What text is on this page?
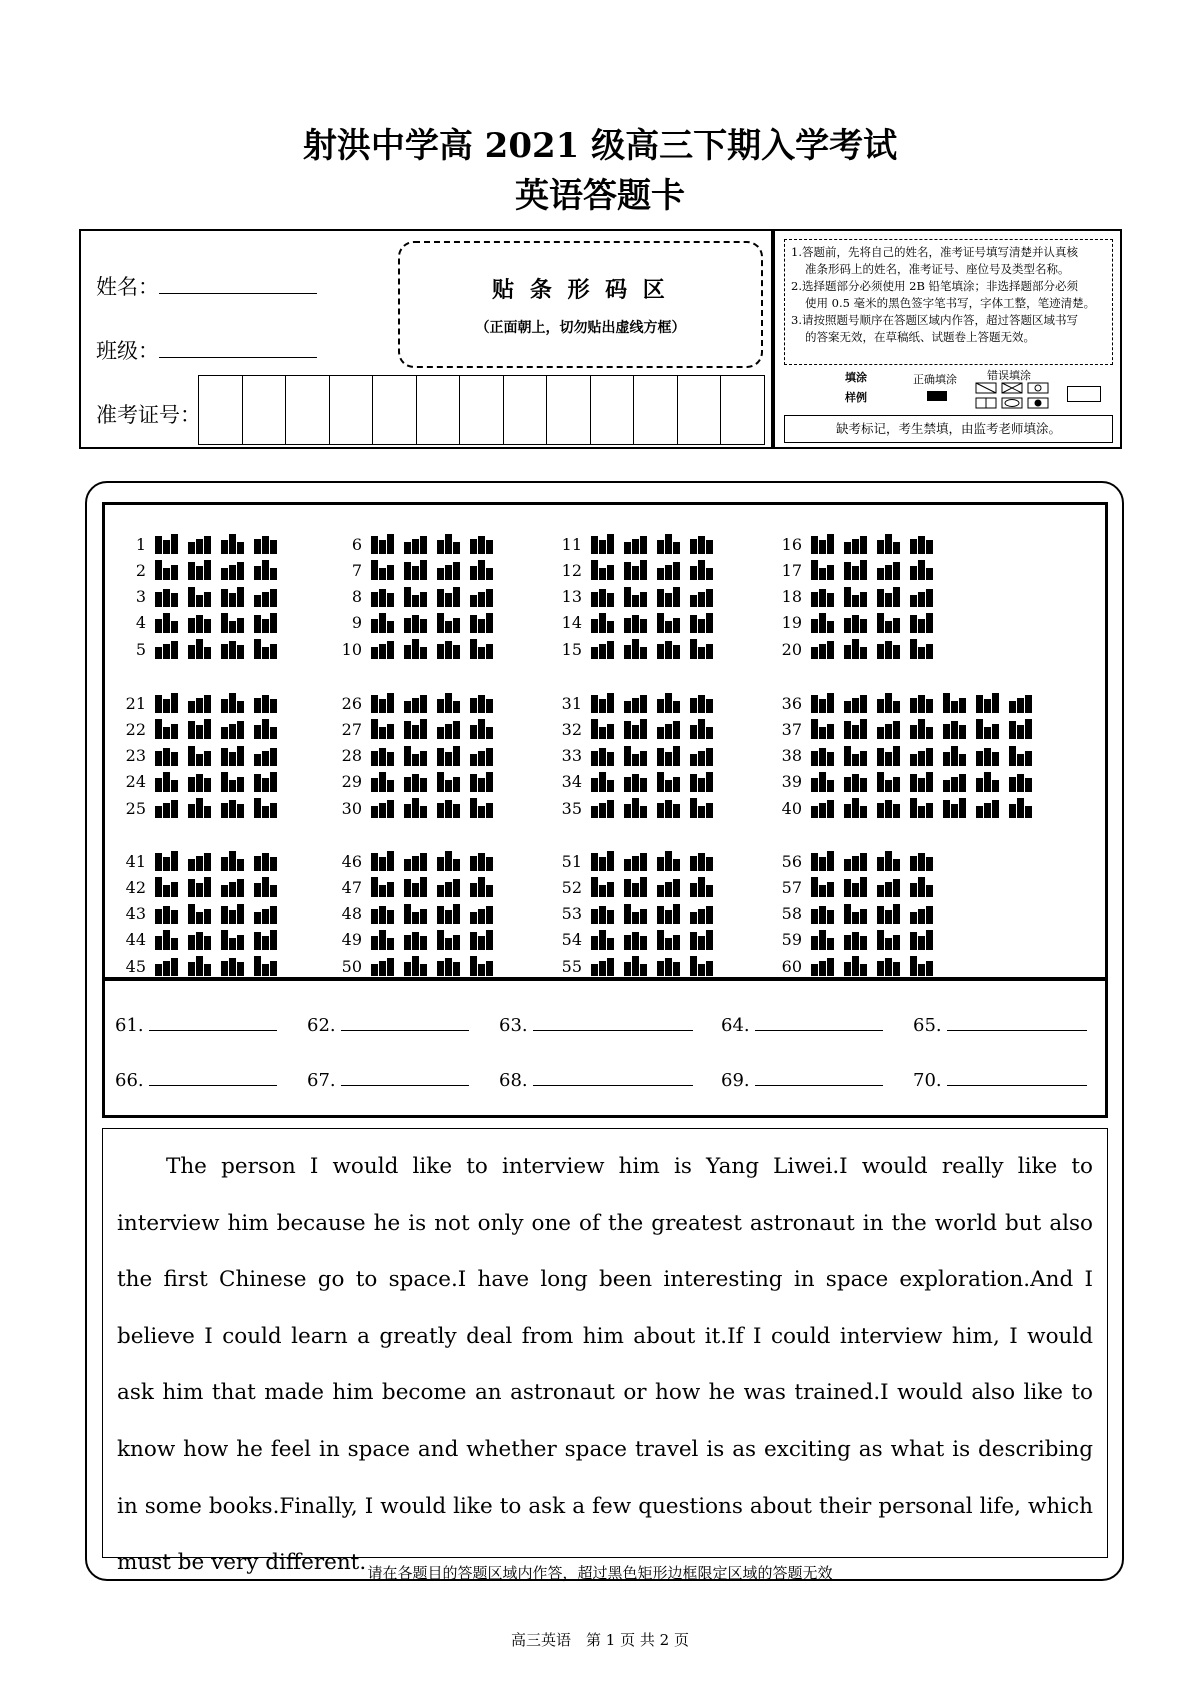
射洪中学高 2021 级高三下期入学考试
英语答题卡
姓名：
班级：
准考证号：
贴 条 形 码 区
（正面朝上，切勿贴出虚线方框）
1.答题前，先将自己的姓名，准考证号填写清楚并认真核
准条形码上的姓名，准考证号、座位号及类型名称。
2.选择题部分必须使用 2B 铅笔填涂；非选择题部分必须
使用 0.5 毫米的黑色签字笔书写，字体工整，笔迹清楚。
3.请按照题号顺序在答题区域内作答，超过答题区域书写
的答案无效，在草稿纸、试题卷上答题无效。
填涂
样例
正确填涂	错误填涂
缺考标记，考生禁填，由监考老师填涂。
1
2
3
4
5
6
7
8
9
10
11
12
13
14
15
16
17
18
19
20
21
22
23
24
25
26
27
28
29
30
31
32
33
34
35
36
37
38
39
40
41
42
43
44
45
46
47
48
49
50
51
52
53
54
55
56
57
58
59
60
61.	62.	63.	64.	65.
66.	67.	68.	69.	70.
The person I would like to interview him is Yang Liwei.I would really like to interview him because he is not only one of the greatest astronaut in the world but also the first Chinese go to space.I have long been interesting in space exploration.And I believe I could learn a greatly deal from him about it.If I could interview him, I would ask him that made him become an astronaut or how he was trained.I would also like to know how he feel in space and whether space travel is as exciting as what is describing in some books.Finally, I would like to ask a few questions about their personal life, which must be very different. 请在各题目的答题区域内作答，超过黑色矩形边框限定区域的答题无效
高三英语　第 1 页 共 2 页
